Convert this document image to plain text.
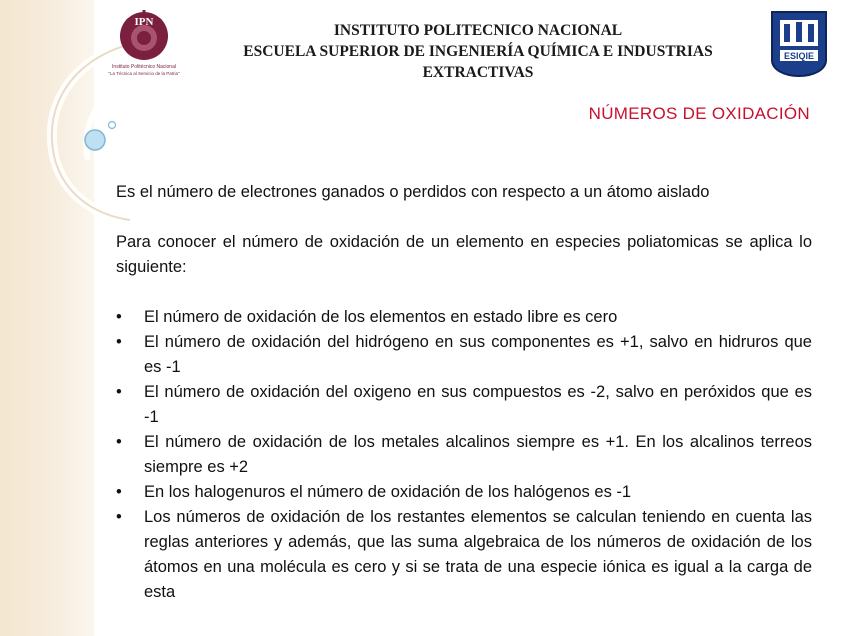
IPN
Instituto Politécnico Nacional
"La Técnica al Servicio de la Patria"
INSTITUTO POLITECNICO NACIONAL
ESCUELA SUPERIOR DE INGENIERÍA QUÍMICA E INDUSTRIAS EXTRACTIVAS
ESIQIE
NÚMEROS DE OXIDACIÓN

Es el número de electrones ganados o perdidos con respecto a un átomo aislado

Para conocer el número de oxidación de un elemento en especies poliatomicas se aplica lo siguiente:

• El número de oxidación de los elementos en estado libre es cero
• El número de oxidación del hidrógeno en sus componentes es +1, salvo en hidruros que es -1
• El número de oxidación del oxigeno en sus compuestos es -2, salvo en peróxidos que es -1
• El número de oxidación de los metales alcalinos siempre es +1. En los alcalinos terreos siempre es +2
• En los halogenuros el número de oxidación de los halógenos es -1
• Los números de oxidación de los restantes elementos se calculan teniendo en cuenta las reglas anteriores y además, que las suma algebraica de los números de oxidación de los átomos en una molécula es cero y si se trata de una especie iónica es igual a la carga de esta
